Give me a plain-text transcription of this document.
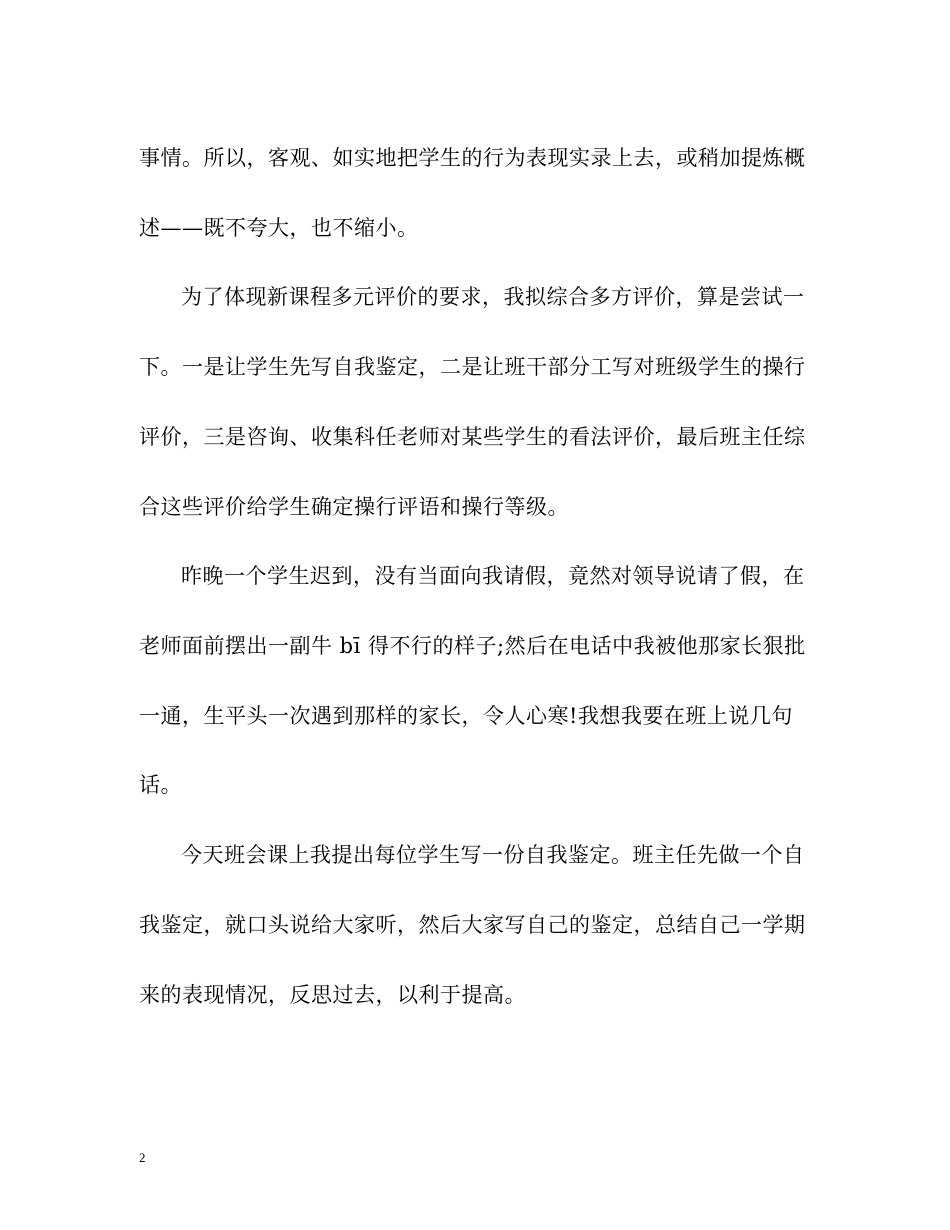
事情。所以，客观、如实地把学生的行为表现实录上去，或稍加提炼概
述——既不夸大，也不缩小。
为了体现新课程多元评价的要求，我拟综合多方评价，算是尝试一
下。一是让学生先写自我鉴定，二是让班干部分工写对班级学生的操行
评价，三是咨询、收集科任老师对某些学生的看法评价，最后班主任综
合这些评价给学生确定操行评语和操行等级。
昨晚一个学生迟到，没有当面向我请假，竟然对领导说请了假，在
老师面前摆出一副牛 bī 得不行的样子;然后在电话中我被他那家长狠批
一通，生平头一次遇到那样的家长，令人心寒!我想我要在班上说几句
话。
今天班会课上我提出每位学生写一份自我鉴定。班主任先做一个自
我鉴定，就口头说给大家听，然后大家写自己的鉴定，总结自己一学期
来的表现情况，反思过去，以利于提高。
2
